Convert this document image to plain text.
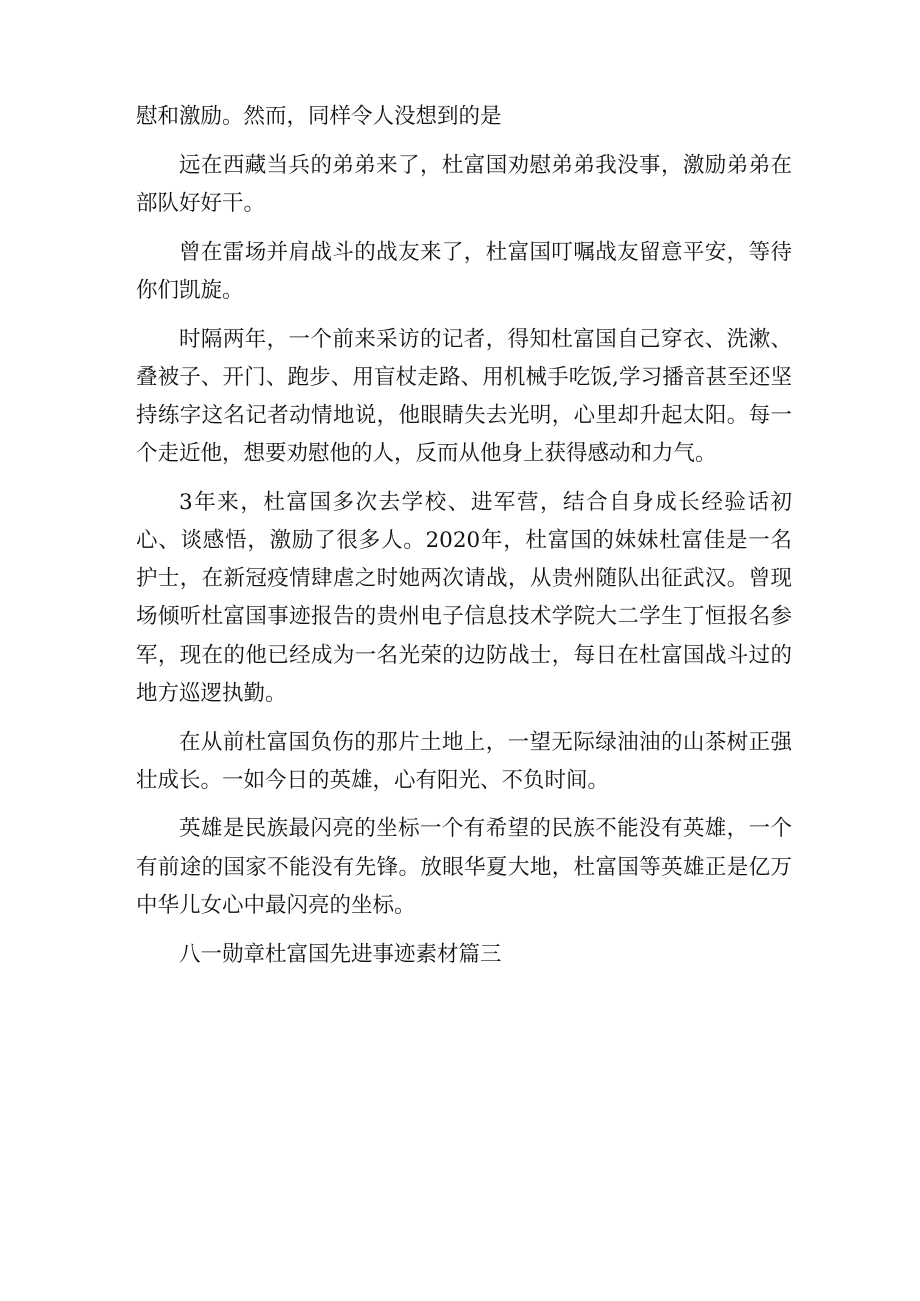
慰和激励。然而，同样令人没想到的是

远在西藏当兵的弟弟来了，杜富国劝慰弟弟我没事，激励弟弟在部队好好干。

曾在雷场并肩战斗的战友来了，杜富国叮嘱战友留意平安，等待你们凯旋。

时隔两年，一个前来采访的记者，得知杜富国自己穿衣、洗漱、叠被子、开门、跑步、用盲杖走路、用机械手吃饭,学习播音甚至还坚持练字这名记者动情地说，他眼睛失去光明，心里却升起太阳。每一个走近他，想要劝慰他的人，反而从他身上获得感动和力气。

3年来，杜富国多次去学校、进军营，结合自身成长经验话初心、谈感悟，激励了很多人。2020年，杜富国的妹妹杜富佳是一名护士，在新冠疫情肆虐之时她两次请战，从贵州随队出征武汉。曾现场倾听杜富国事迹报告的贵州电子信息技术学院大二学生丁恒报名参军，现在的他已经成为一名光荣的边防战士，每日在杜富国战斗过的地方巡逻执勤。

在从前杜富国负伤的那片土地上，一望无际绿油油的山茶树正强壮成长。一如今日的英雄，心有阳光、不负时间。

英雄是民族最闪亮的坐标一个有希望的民族不能没有英雄，一个有前途的国家不能没有先锋。放眼华夏大地，杜富国等英雄正是亿万中华儿女心中最闪亮的坐标。

八一勋章杜富国先进事迹素材篇三
